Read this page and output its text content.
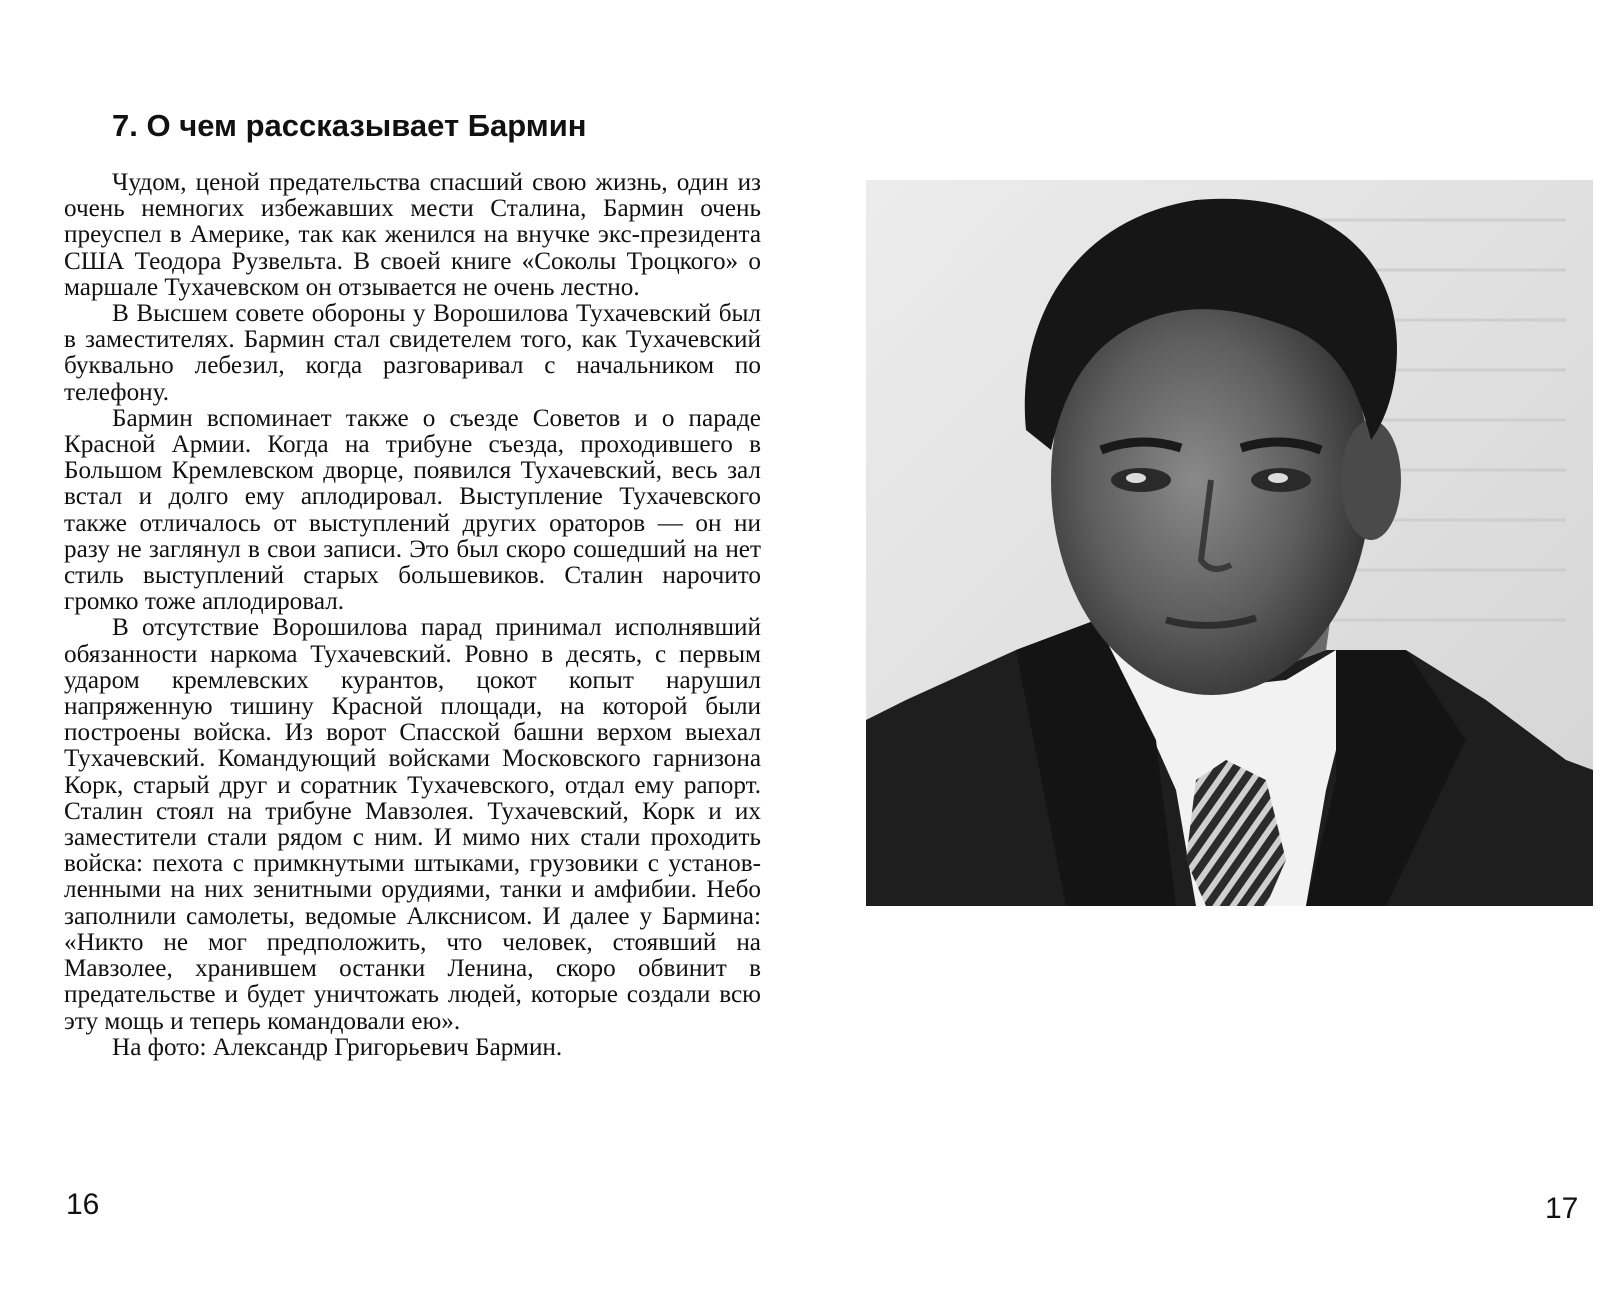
7. О чем рассказывает Бармин

Чудом, ценой предательства спасший свою жизнь, один из очень немногих избежавших мести Сталина, Бармин очень преуспел в Америке, так как женился на внучке экс-президента США Теодора Рузвельта. В своей книге «Соколы Троцкого» о маршале Тухачевском он отзывается не очень лестно.

В Высшем совете обороны у Ворошилова Тухачевский был в заместителях. Бармин стал свидетелем того, как Тухачевский буквально лебезил, когда разговаривал с начальником по телефону.

Бармин вспоминает также о съезде Советов и о параде Красной Армии. Когда на трибуне съезда, проходившего в Большом Кремлевском дворце, появился Тухачевский, весь зал встал и долго ему аплодировал. Выступление Тухачевского также отличалось от выступлений других ораторов — он ни разу не заглянул в свои записи. Это был скоро сошедший на нет стиль выступлений старых большевиков. Сталин нарочито громко тоже аплодировал.

В отсутствие Ворошилова парад принимал исполнявший обязанности наркома Тухачевский. Ровно в десять, с первым ударом кремлевских курантов, цокот копыт нарушил напряженную тишину Красной площади, на которой были построены войска. Из ворот Спасской башни верхом выехал Тухачевский. Командующий войсками Московского гарнизона Корк, старый друг и соратник Тухачевского, отдал ему рапорт. Сталин стоял на трибуне Мавзолея. Тухачевский, Корк и их заместители стали рядом с ним. И мимо них стали проходить войска: пехота с примкнутыми штыками, грузовики с установленными на них зенитными орудиями, танки и амфибии. Небо заполнили самолеты, ведомые Алкснисом. И далее у Бармина: «Никто не мог предположить, что человек, стоявший на Мавзолее, хранившем останки Ленина, скоро обвинит в предательстве и будет уничтожать людей, которые создали всю эту мощь и теперь командовали ею».

На фото: Александр Григорьевич Бармин.

16	17
